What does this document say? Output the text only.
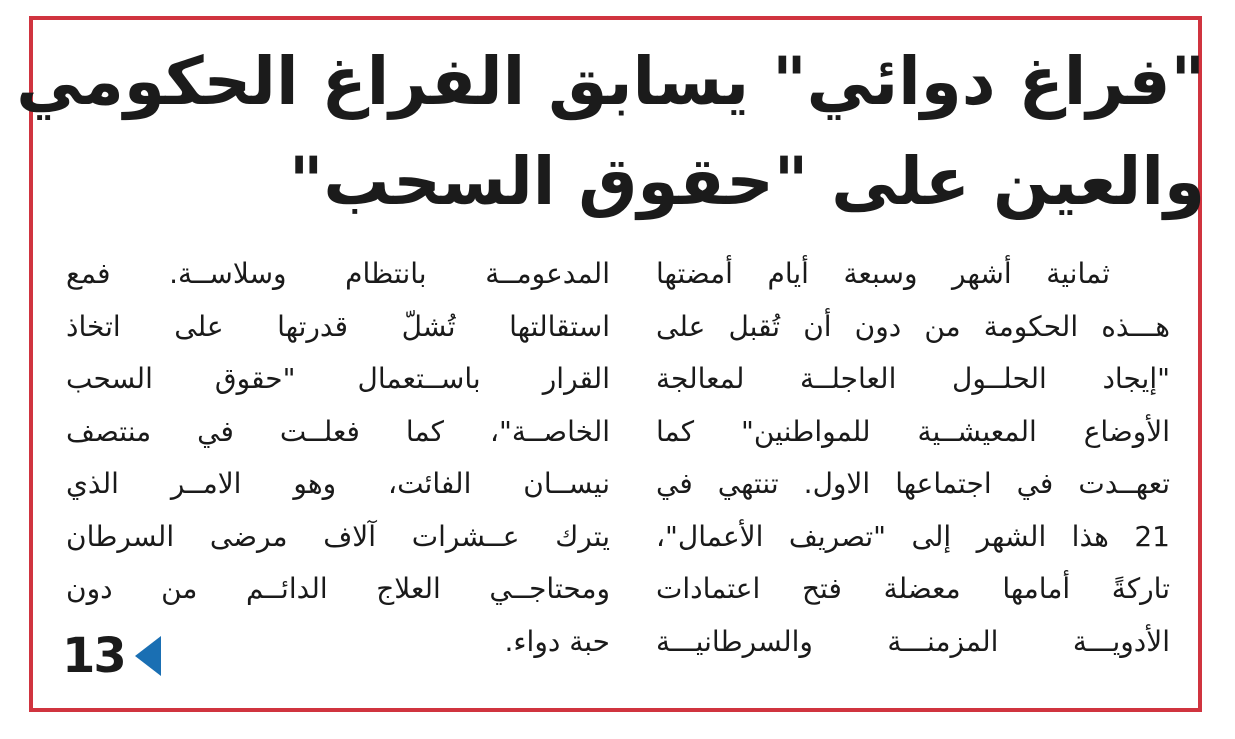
"فراغ دوائي" يسابق الفراغ الحكومي
والعين على "حقوق السحب"
ثمانية أشهر وسبعة أيام أمضتها
هـــذه الحكومة من دون أن تُقبل على
"إيجاد الحلــول العاجلــة لمعالجة
الأوضاع المعيشــية للمواطنين" كما
تعهــدت في اجتماعها الاول. تنتهي في
21 هذا الشهر إلى "تصريف الأعمال"،
تاركةً أمامها معضلة فتح اعتمادات
الأدويـــة المزمنـــة والسرطانيـــة
المدعومــة بانتظام وسلاســة. فمع
استقالتها تُشلّ قدرتها على اتخاذ
القرار باســتعمال "حقوق السحب
الخاصــة"، كما فعلــت في منتصف
نيســان الفائت، وهو الامــر الذي
يترك عــشرات آلاف مرضى السرطان
ومحتاجــي العلاج الدائــم من دون
حبة دواء.
13
